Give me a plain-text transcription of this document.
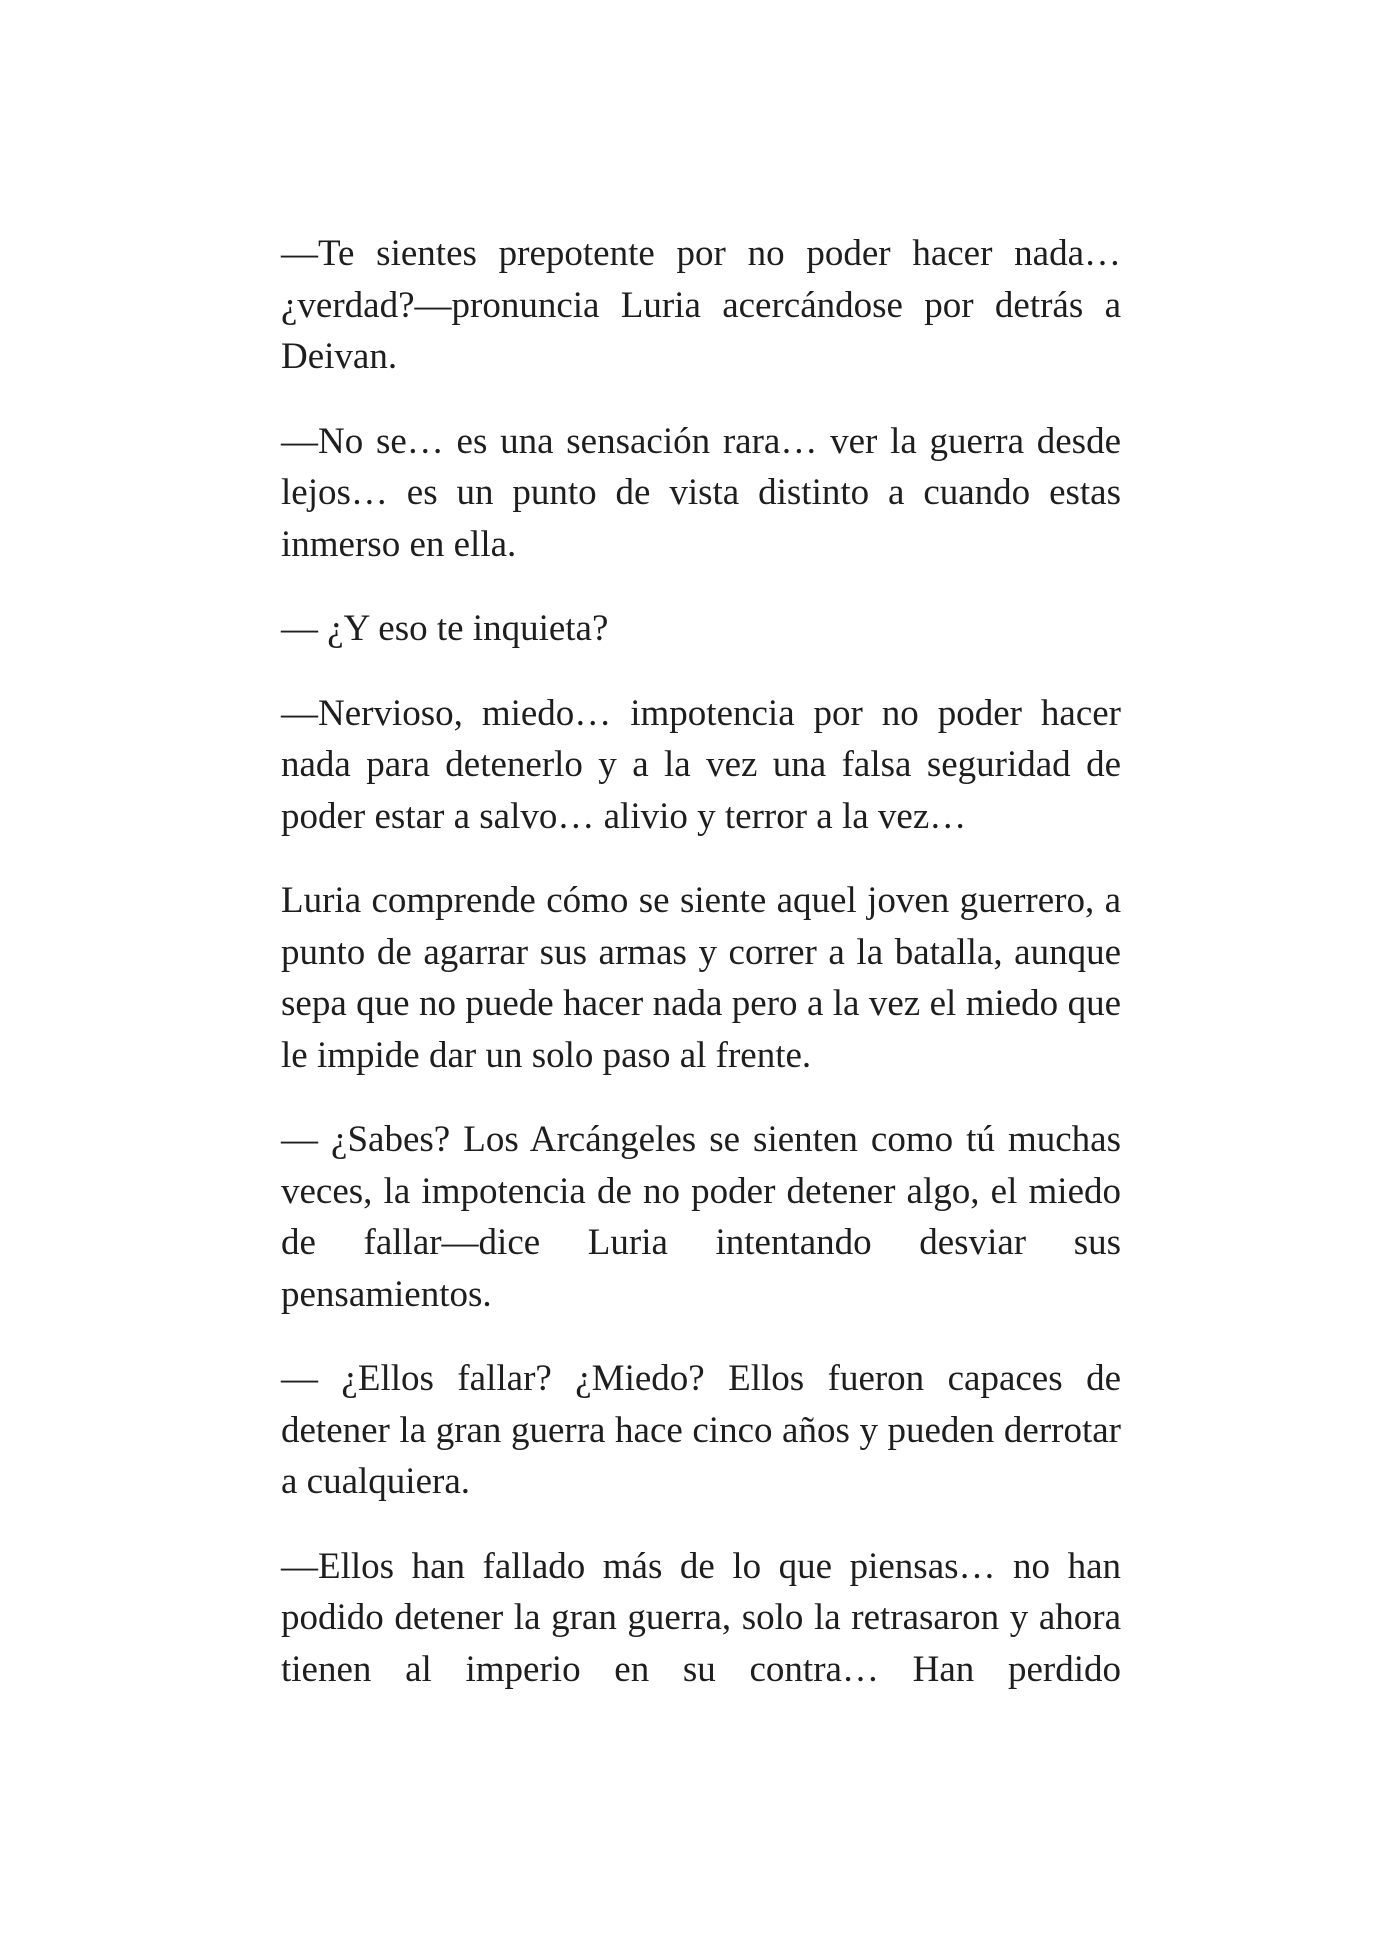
—Te sientes prepotente por no poder hacer nada… ¿verdad?—pronuncia Luria acercándose por detrás a Deivan.

—No se… es una sensación rara… ver la guerra desde lejos… es un punto de vista distinto a cuando estas inmerso en ella.

— ¿Y eso te inquieta?

—Nervioso, miedo… impotencia por no poder hacer nada para detenerlo y a la vez una falsa seguridad de poder estar a salvo… alivio y terror a la vez…

Luria comprende cómo se siente aquel joven guerrero, a punto de agarrar sus armas y correr a la batalla, aunque sepa que no puede hacer nada pero a la vez el miedo que le impide dar un solo paso al frente.

— ¿Sabes? Los Arcángeles se sienten como tú muchas veces, la impotencia de no poder detener algo, el miedo de fallar—dice Luria intentando desviar sus pensamientos.

— ¿Ellos fallar? ¿Miedo? Ellos fueron capaces de detener la gran guerra hace cinco años y pueden derrotar a cualquiera.

—Ellos han fallado más de lo que piensas… no han podido detener la gran guerra, solo la retrasaron y ahora tienen al imperio en su contra… Han perdido
